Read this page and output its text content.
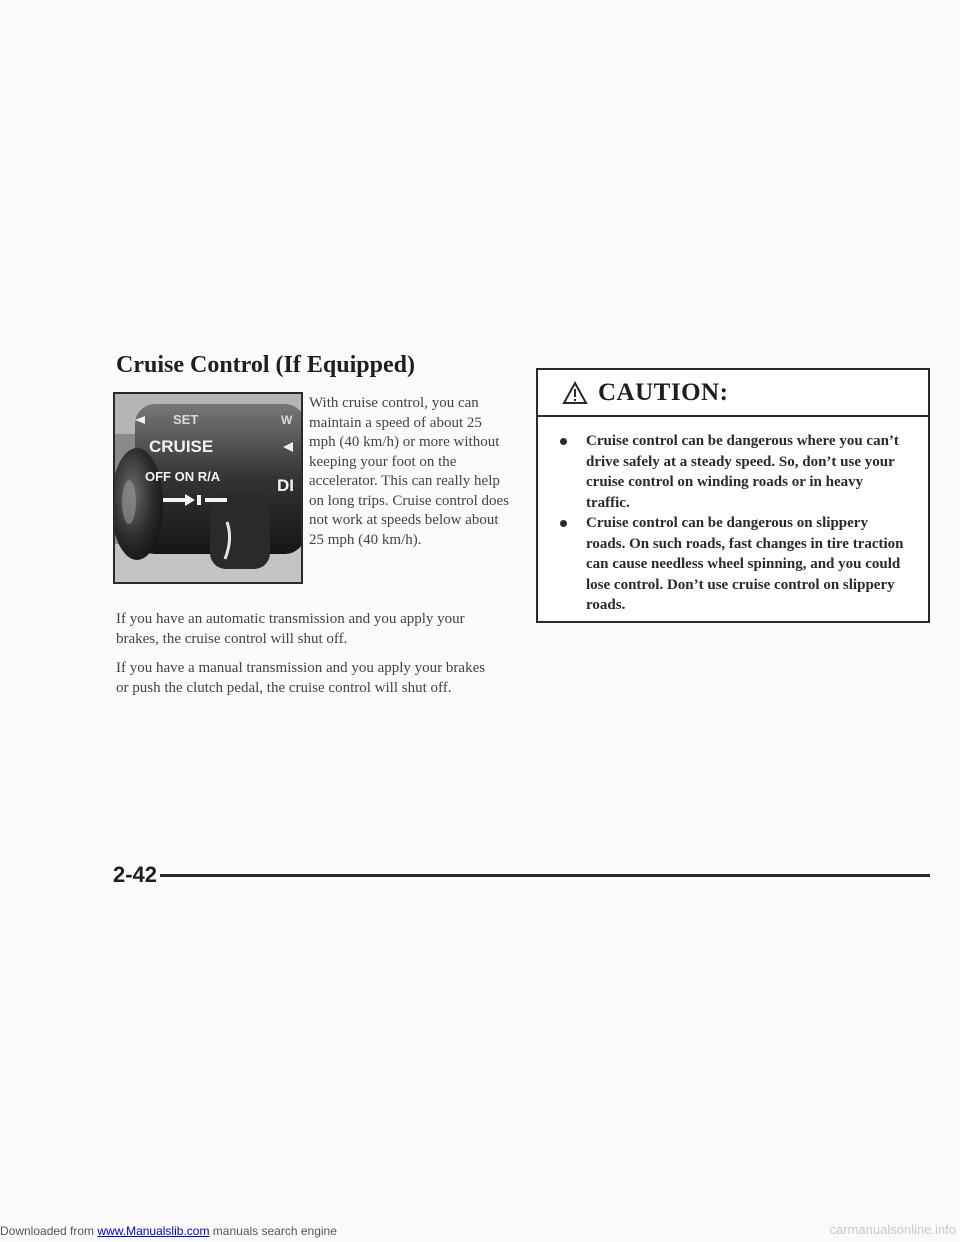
Cruise Control (If Equipped)
SET
CRUISE
OFF ON R/A	DI
W
With cruise control, you can maintain a speed of about 25 mph (40 km/h) or more without keeping your foot on the accelerator. This can really help on long trips. Cruise control does not work at speeds below about 25 mph (40 km/h).
If you have an automatic transmission and you apply your brakes, the cruise control will shut off.
If you have a manual transmission and you apply your brakes or push the clutch pedal, the cruise control will shut off.
CAUTION:
Cruise control can be dangerous where you can’t drive safely at a steady speed. So, don’t use your cruise control on winding roads or in heavy traffic.
Cruise control can be dangerous on slippery roads. On such roads, fast changes in tire traction can cause needless wheel spinning, and you could lose control. Don’t use cruise control on slippery roads.
2-42
Downloaded from www.Manualslib.com manuals search engine	carmanualsonline.info
